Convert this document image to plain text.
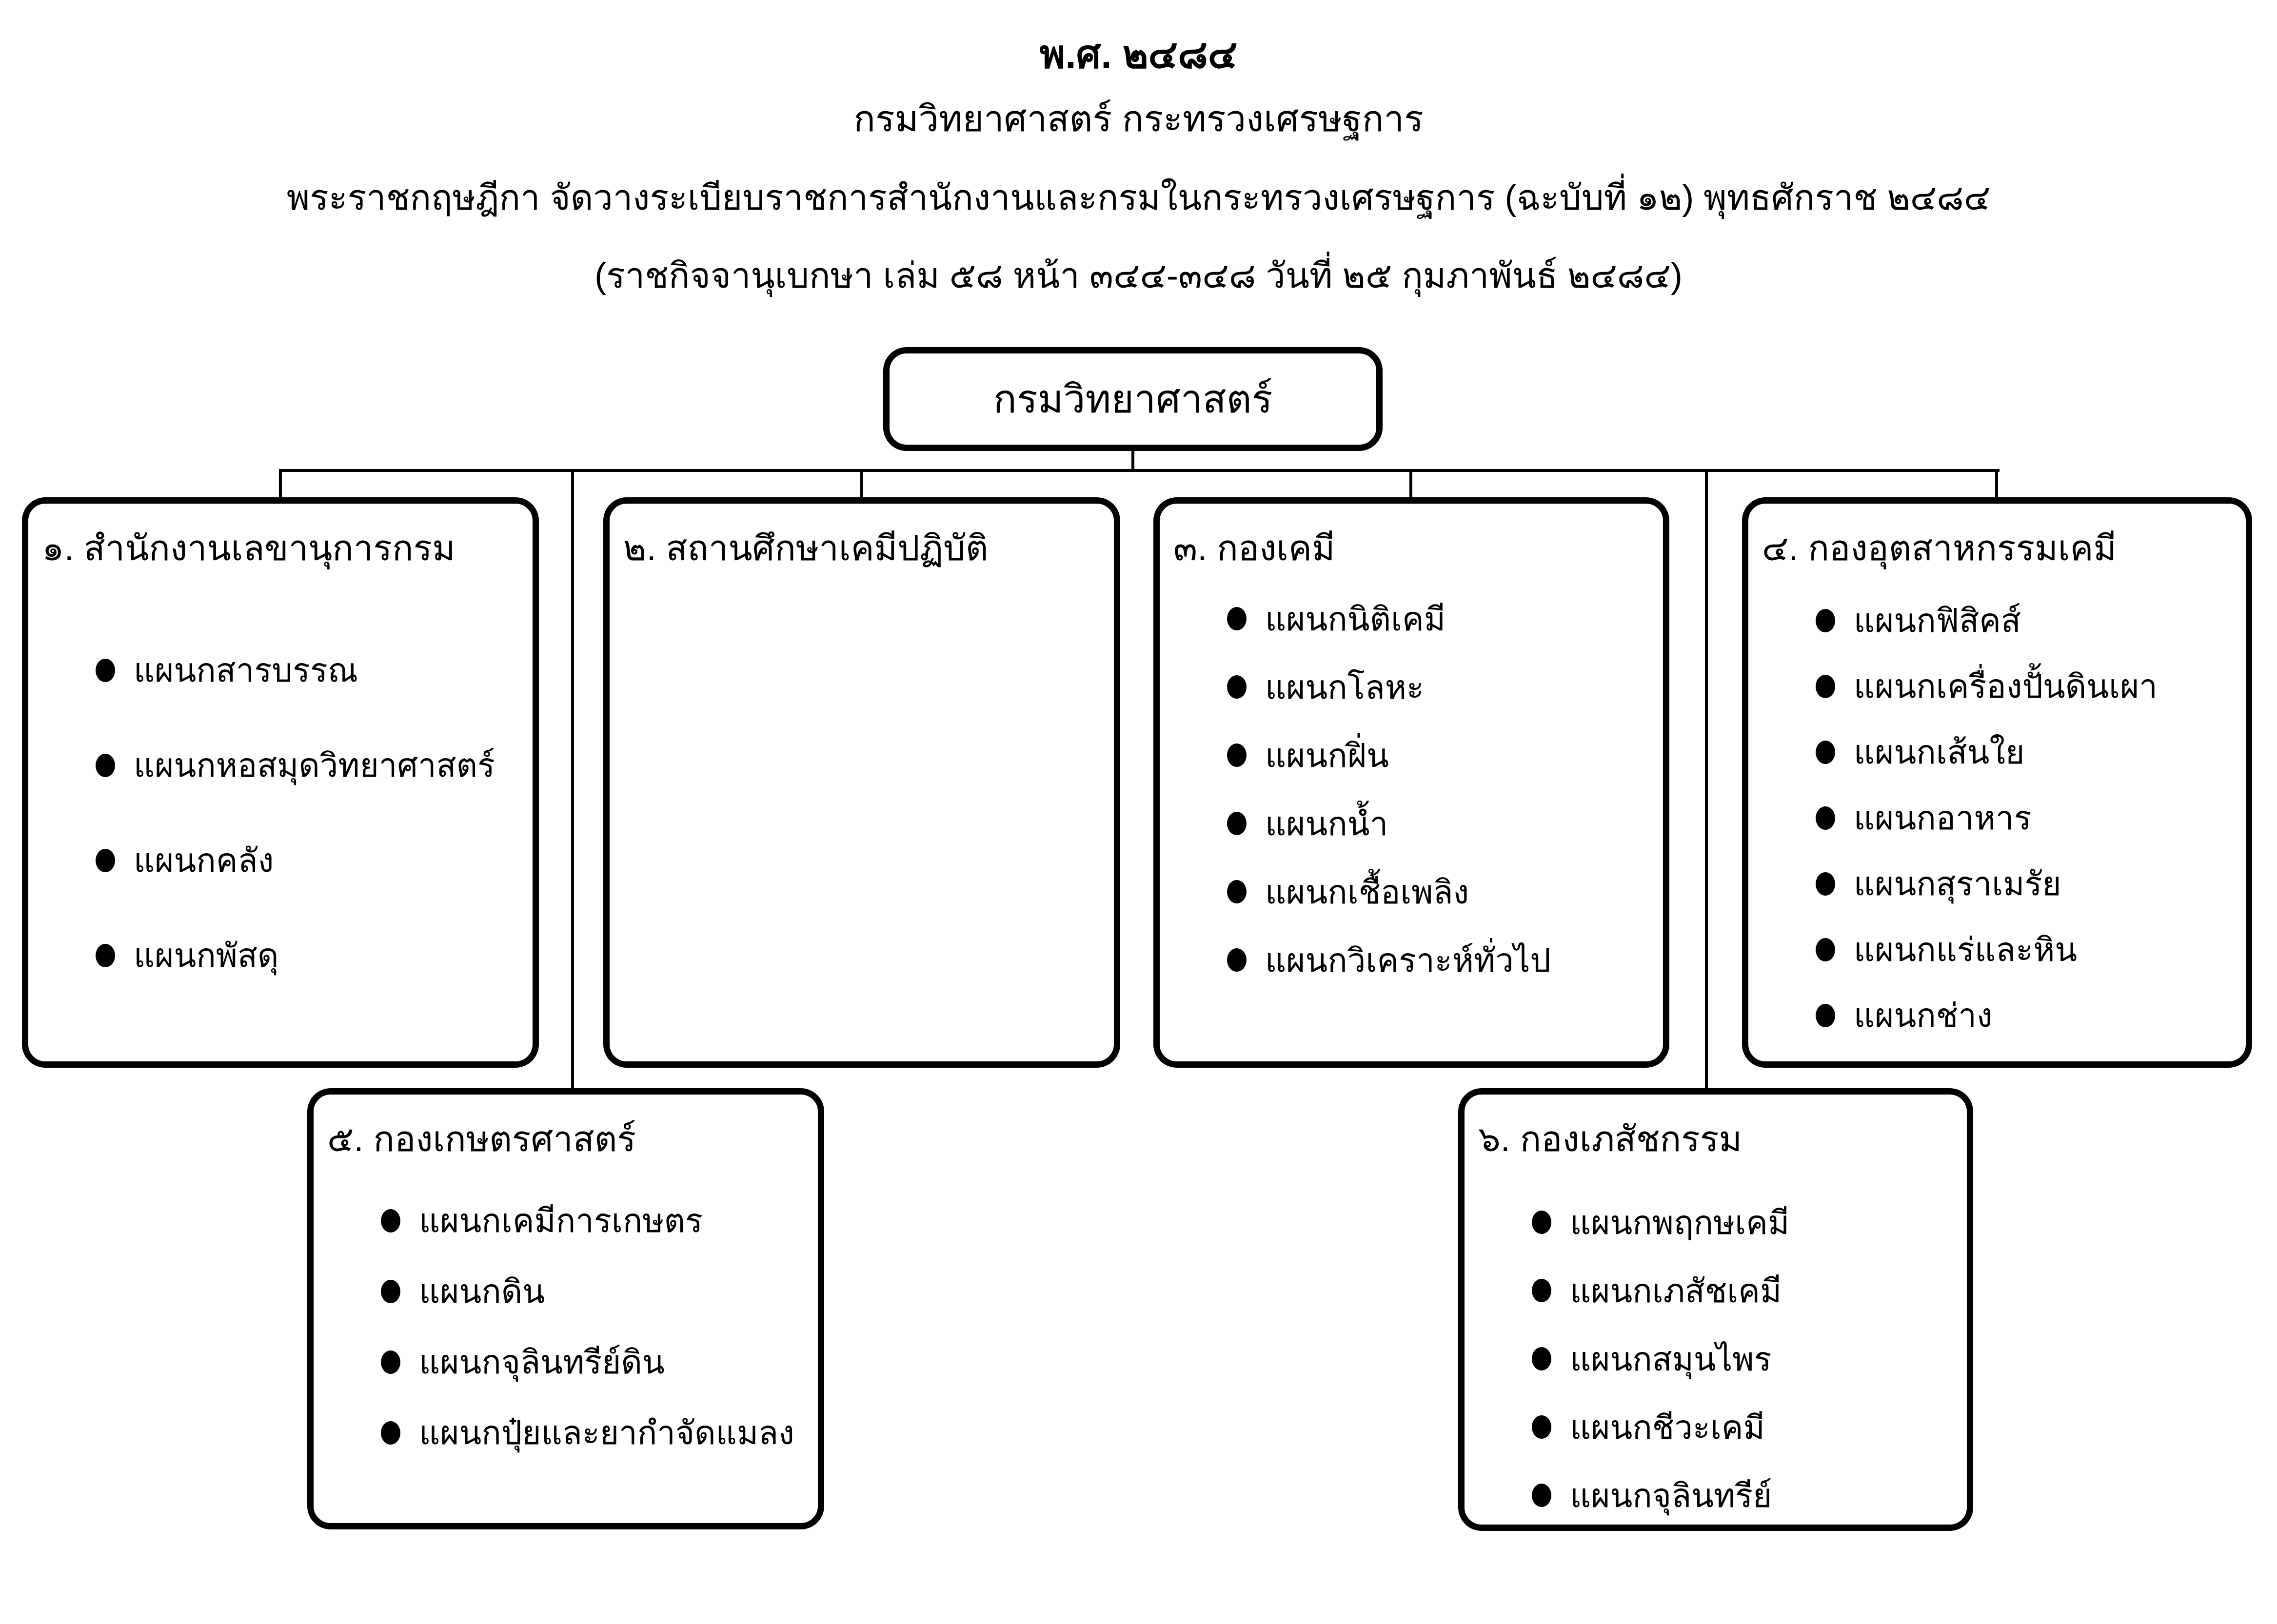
พ.ศ. ๒๔๘๔
กรมวิทยาศาสตร์ กระทรวงเศรษฐการ
พระราชกฤษฎีกา จัดวางระเบียบราชการสำนักงานและกรมในกระทรวงเศรษฐการ (ฉะบับที่ ๑๒) พุทธศักราช ๒๔๘๔
(ราชกิจจานุเบกษา เล่ม ๕๘ หน้า ๓๔๔-๓๔๘ วันที่ ๒๕ กุมภาพันธ์ ๒๔๘๔)
กรมวิทยาศาสตร์
๑. สำนักงานเลขานุการกรม
แผนกสารบรรณ
แผนกหอสมุดวิทยาศาสตร์
แผนกคลัง
แผนกพัสดุ
๒. สถานศึกษาเคมีปฏิบัติ	๓. กองเคมี
แผนกนิติเคมี
แผนกโลหะ
แผนกฝิ่น
แผนกน้ำ
แผนกเชื้อเพลิง
แผนกวิเคราะห์ทั่วไป
๔. กองอุตสาหกรรมเคมี
แผนกฟิสิคส์
แผนกเครื่องปั้นดินเผา
แผนกเส้นใย
แผนกอาหาร
แผนกสุราเมรัย
แผนกแร่และหิน
แผนกช่าง
๕. กองเกษตรศาสตร์
แผนกเคมีการเกษตร
แผนกดิน
แผนกจุลินทรีย์ดิน
แผนกปุ๋ยและยากำจัดแมลง
๖. กองเภสัชกรรม
แผนกพฤกษเคมี
แผนกเภสัชเคมี
แผนกสมุนไพร
แผนกชีวะเคมี
แผนกจุลินทรีย์
